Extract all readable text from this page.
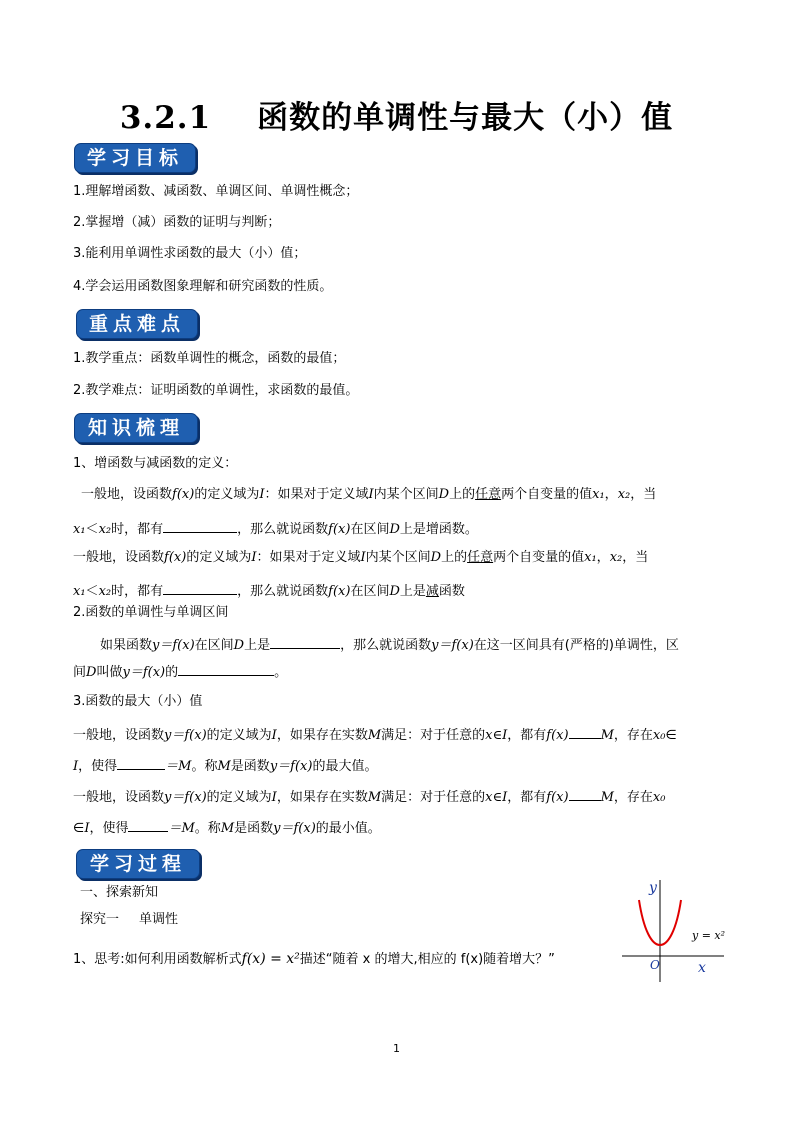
3.2.1 函数的单调性与最大（小）值
学习目标
1.理解增函数、减函数、单调区间、单调性概念；
2.掌握增（减）函数的证明与判断；
3.能利用单调性求函数的最大（小）值；
4.学会运用函数图象理解和研究函数的性质。
重点难点
1.教学重点：函数单调性的概念，函数的最值；
2.教学难点：证明函数的单调性，求函数的最值。
知识梳理
1、增函数与减函数的定义：
一般地，设函数f(x)的定义域为I：如果对于定义域I内某个区间D上的任意两个自变量的值x₁，x₂，当
x₁＜x₂时，都有	，那么就说函数f(x)在区间D上是增函数。
一般地，设函数f(x)的定义域为I：如果对于定义域I内某个区间D上的任意两个自变量的值x₁，x₂，当
x₁＜x₂时，都有	，那么就说函数f(x)在区间D上是减函数
2.函数的单调性与单调区间
如果函数y＝f(x)在区间D上是	，那么就说函数y＝f(x)在这一区间具有(严格的)单调性，区
间D叫做y＝f(x)的	。
3.函数的最大（小）值
一般地，设函数y＝f(x)的定义域为I，如果存在实数M满足：对于任意的x∈I，都有f(x) M，存在x₀∈
I，使得	＝M。称M是函数y＝f(x)的最大值。
一般地，设函数y＝f(x)的定义域为I，如果存在实数M满足：对于任意的x∈I，都有f(x) M，存在x₀
∈I，使得	＝M。称M是函数y＝f(x)的最小值。
学习过程
一、探索新知
探究一 单调性
1、思考:如何利用函数解析式f(x) = x²描述“随着 x 的增大,相应的 f(x)随着增大？”
y
x
O
y = x²
1
